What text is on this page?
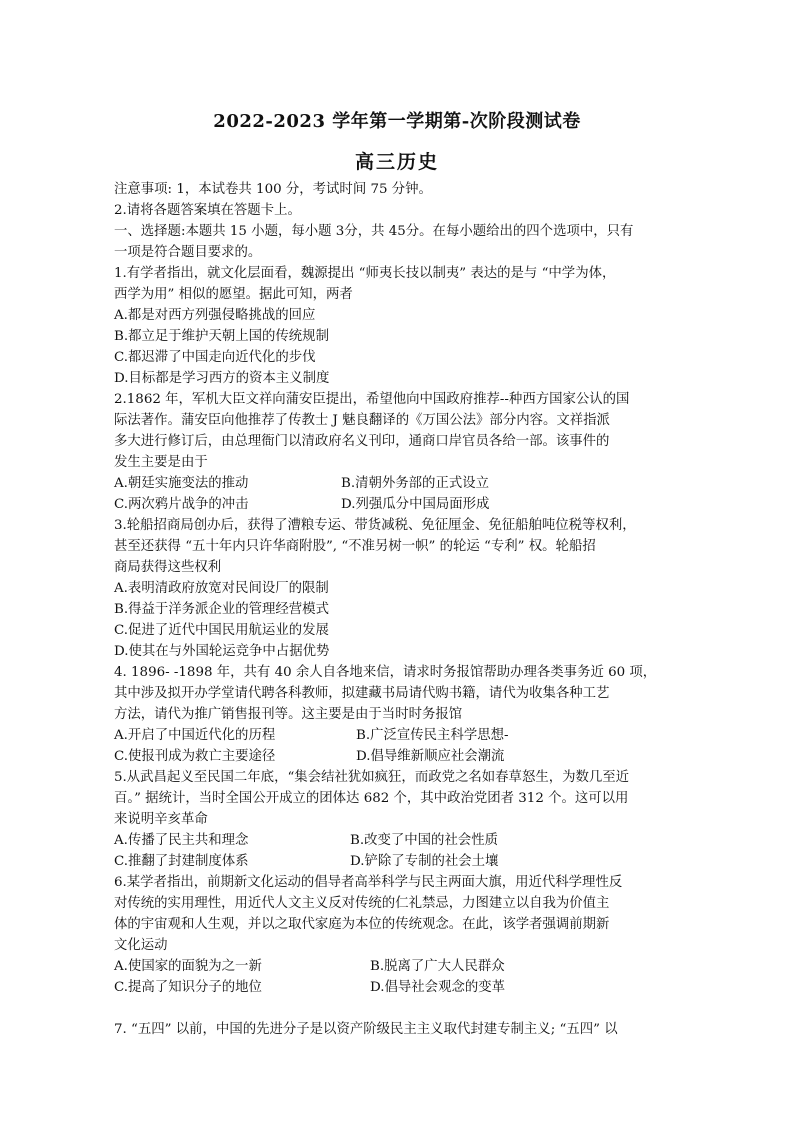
2022-2023 学年第一学期第-次阶段测试卷
高三历史
注意事项: 1，本试卷共 100 分，考试时间 75 分钟。
2.请将各题答案填在答题卡上。
一、选择题:本题共 15 小题，每小题 3分，共 45分。在每小题给出的四个选项中，只有
一项是符合题目要求的。
1.有学者指出，就文化层面看，魏源提出 “师夷长技以制夷” 表达的是与 “中学为体，
西学为用” 相似的愿望。据此可知，两者
A.都是对西方列强侵略挑战的回应
B.都立足于维护天朝上国的传统规制
C.都迟滞了中国走向近代化的步伐
D.目标都是学习西方的资本主义制度
2.1862 年，军机大臣文祥向蒲安臣提出，希望他向中国政府推荐--种西方国家公认的国
际法著作。蒲安臣向他推荐了传教士 J 魅良翻译的《万国公法》部分内容。文祥指派
多大进行修订后，由总理衙门以清政府名义刊印，通商口岸官员各给一部。该事件的
发生主要是由于
A.朝廷实施变法的推动	B.清朝外务部的正式设立
C.两次鸦片战争的冲击	D.列强瓜分中国局面形成
3.轮船招商局创办后，获得了漕粮专运、带货减税、免征厘金、免征船舶吨位税等权利，
甚至还获得 “五十年内只许华商附股”, “不准另树一帜” 的轮运 “专利” 权。轮船招
商局获得这些权利
A.表明清政府放宽对民间设厂的限制
B.得益于洋务派企业的管理经营模式
C.促进了近代中国民用航运业的发展
D.使其在与外国轮运竞争中占据优势
4. 1896- -1898 年，共有 40 余人自各地来信，请求时务报馆帮助办理各类事务近 60 项，
其中涉及拟开办学堂请代聘各科教师，拟建藏书局请代购书籍，请代为收集各种工艺
方法，请代为推广销售报刊等。这主要是由于当时时务报馆
A.开启了中国近代化的历程	B.广泛宣传民主科学思想-
C.使报刊成为救亡主要途径	D.倡导维新顺应社会潮流
5.从武昌起义至民国二年底，“集会结社犹如疯狂，而政党之名如春草怒生，为数几至近
百。” 据统计，当时全国公开成立的团体达 682 个，其中政治党团者 312 个。这可以用
来说明辛亥革命
A.传播了民主共和理念	B.改变了中国的社会性质
C.推翻了封建制度体系	D.铲除了专制的社会土壤
6.某学者指出，前期新文化运动的倡导者高举科学与民主两面大旗，用近代科学理性反
对传统的实用理性，用近代人文主义反对传统的仁礼禁忌，力图建立以自我为价值主
体的宇宙观和人生观，并以之取代家庭为本位的传统观念。在此，该学者强调前期新
文化运动
A.使国家的面貌为之一新	B.脱离了广大人民群众
C.提高了知识分子的地位	D.倡导社会观念的变革
7. “五四” 以前，中国的先进分子是以资产阶级民主主义取代封建专制主义; “五四” 以
